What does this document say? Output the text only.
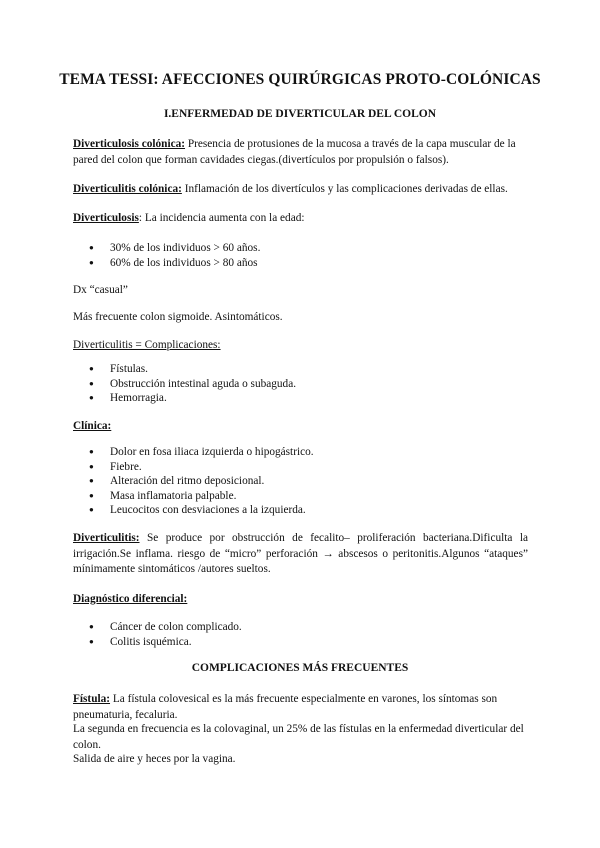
TEMA TESSI: AFECCIONES QUIRÚRGICAS PROTO-COLÓNICAS
I.ENFERMEDAD DE DIVERTICULAR DEL COLON
Diverticulosis colónica: Presencia de protusiones de la mucosa a través de la capa muscular de la pared del colon que forman cavidades ciegas.(divertículos por propulsión o falsos).
Diverticulitis colónica: Inflamación de los divertículos y las complicaciones derivadas de ellas.
Diverticulosis: La incidencia aumenta con la edad:
● 30% de los individuos > 60 años.
● 60% de los individuos > 80 años
Dx “casual”
Más frecuente colon sigmoide. Asintomáticos.
Diverticulitis = Complicaciones:
● Fístulas.
● Obstrucción intestinal aguda o subaguda.
● Hemorragia.
Clínica:
● Dolor en fosa iliaca izquierda o hipogástrico.
● Fiebre.
● Alteración del ritmo deposicional.
● Masa inflamatoria palpable.
● Leucocitos con desviaciones a la izquierda.
Diverticulitis: Se produce por obstrucción de fecalito– proliferación bacteriana.Dificulta la irrigación.Se inflama. riesgo de “micro” perforación → abscesos o peritonitis.Algunos “ataques” mínimamente sintomáticos /autores sueltos.
Diagnóstico diferencial:
● Cáncer de colon complicado.
● Colitis isquémica.
COMPLICACIONES MÁS FRECUENTES
Fístula: La fístula colovesical es la más frecuente especialmente en varones, los síntomas son pneumaturia, fecaluria.
La segunda en frecuencia es la colovaginal, un 25% de las fístulas en la enfermedad diverticular del colon.
Salida de aire y heces por la vagina.
